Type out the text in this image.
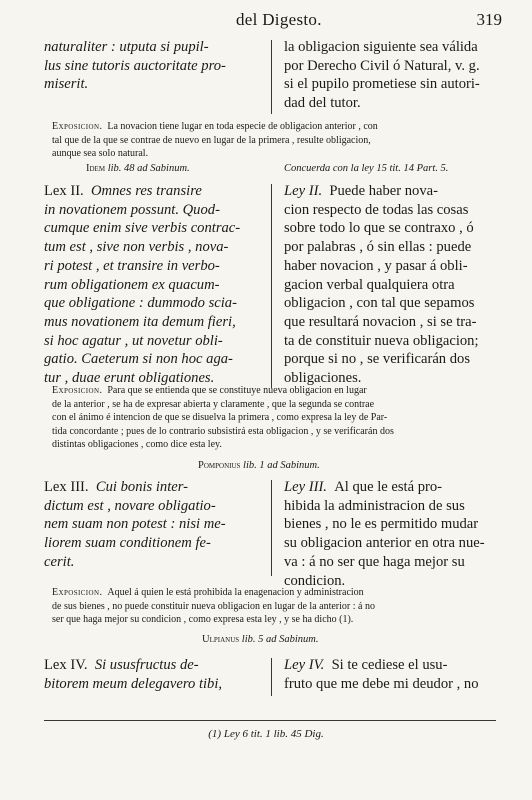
del Digesto.	319
naturaliter : utputa si pupil-
lus sine tutoris auctoritate pro-
miserit.
la obligacion siguiente sea válida
por Derecho Civil ó Natural, v. g.
si el pupilo prometiese sin autori-
dad del tutor.
Exposicion. La novacion tiene lugar en toda especie de obligacion anterior , con
tal que de la que se contrae de nuevo en lugar de la primera , resulte obligacion,
aunque sea solo natural.
Idem lib. 48 ad Sabinum.	Concuerda con la ley 15 tit. 14 Part. 5.
Lex II. Omnes res transire
in novationem possunt. Quod-
cumque enim sive verbis contrac-
tum est , sive non verbis , nova-
ri potest , et transire in verbo-
rum obligationem ex quacum-
que obligatione : dummodo scia-
mus novationem ita demum fieri,
si hoc agatur , ut novetur obli-
gatio. Caeterum si non hoc aga-
tur , duae erunt obligationes.
Ley II. Puede haber nova-
cion respecto de todas las cosas
sobre todo lo que se contraxo , ó
por palabras , ó sin ellas : puede
haber novacion , y pasar á obli-
gacion verbal qualquiera otra
obligacion , con tal que sepamos
que resultará novacion , si se tra-
ta de constituir nueva obligacion;
porque si no , se verificarán dos
obligaciones.
Exposicion. Para que se entienda que se constituye nueva obligacion en lugar
de la anterior , se ha de expresar abierta y claramente , que la segunda se contrae
con el ánimo é intencion de que se disuelva la primera , como expresa la ley de Par-
tida concordante ; pues de lo contrario subsistirá esta obligacion , y se verificarán dos
distintas obligaciones , como dice esta ley.
Pomponius lib. 1 ad Sabinum.
Lex III. Cui bonis inter-
dictum est , novare obligatio-
nem suam non potest : nisi me-
liorem suam conditionem fe-
cerit.
Ley III. Al que le está pro-
hibida la administracion de sus
bienes , no le es permitido mudar
su obligacion anterior en otra nue-
va : á no ser que haga mejor su
condicion.
Exposicion. Aquel á quien le está prohibida la enagenacion y administracion
de sus bienes , no puede constituir nueva obligacion en lugar de la anterior : á no
ser que haga mejor su condicion , como expresa esta ley , y se ha dicho (1).
Ulpianus lib. 5 ad Sabinum.
Lex IV. Si ususfructus de-
bitorem meum delegavero tibi,
Ley IV. Si te cediese el usu-
fruto que me debe mi deudor , no
(1) Ley 6 tit. 1 lib. 45 Dig.
